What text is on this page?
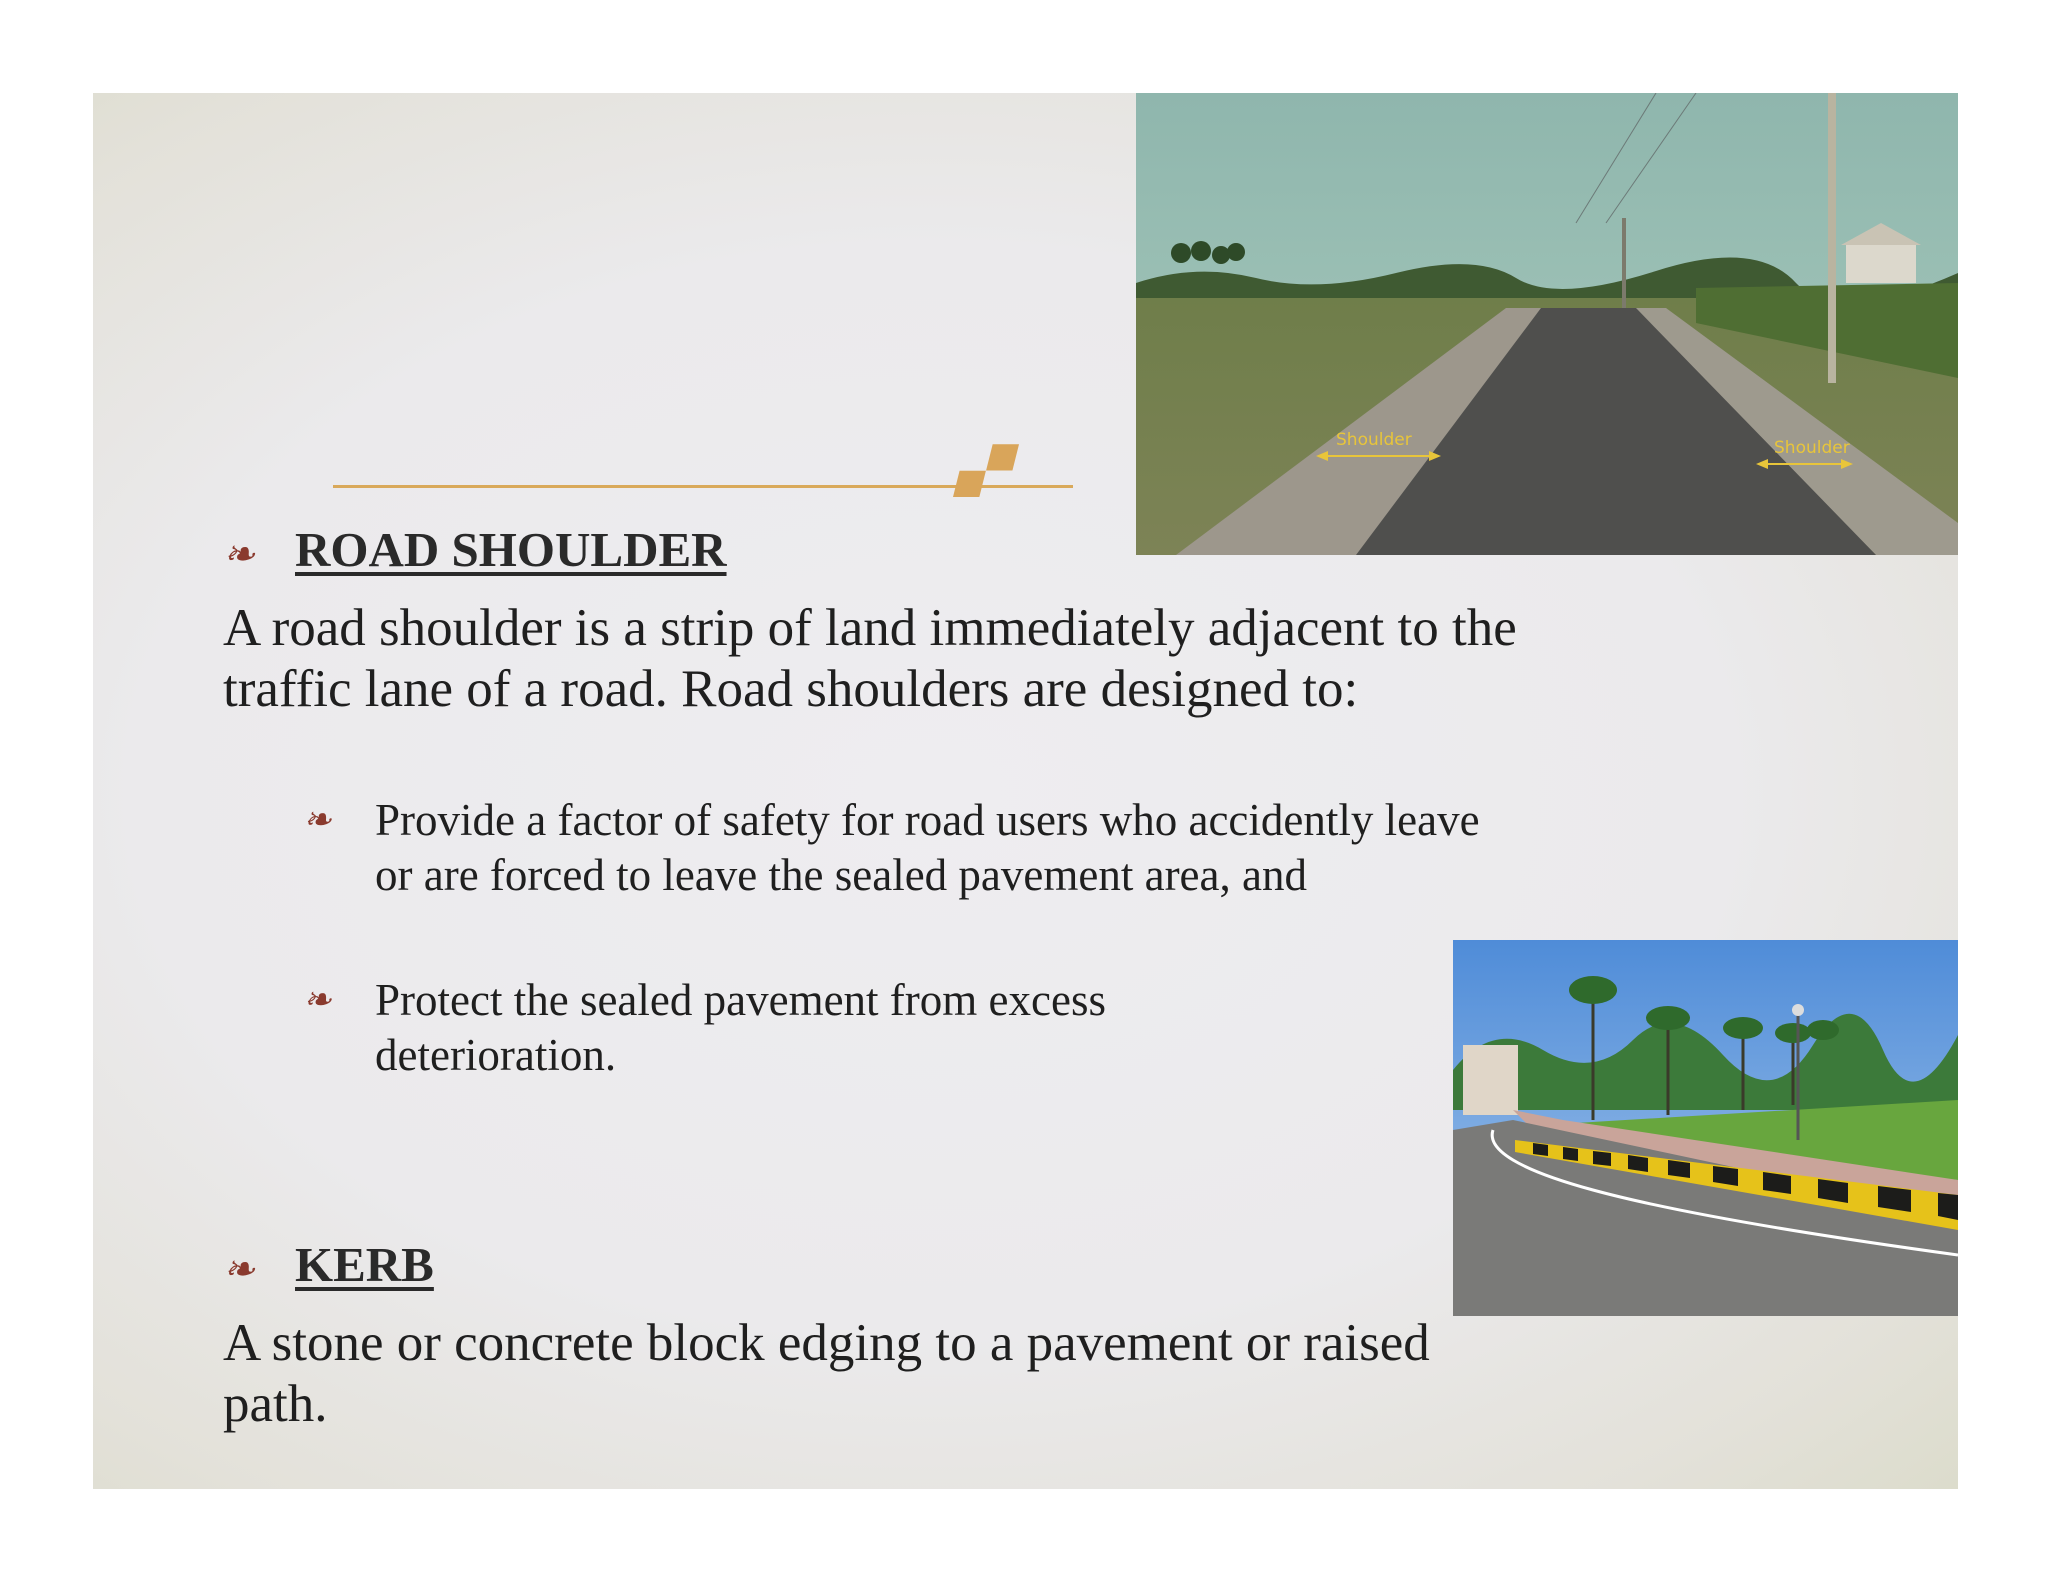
🙾	Shoulder	Shoulder
❧ ROAD SHOULDER
A road shoulder is a strip of land immediately adjacent to the traffic lane of a road. Road shoulders are designed to:
❧ Provide a factor of safety for road users who accidently leave or are forced to leave the sealed pavement area, and
❧ Protect the sealed pavement from excess deterioration.
❧ KERB
A stone or concrete block edging to a pavement or raised path.
